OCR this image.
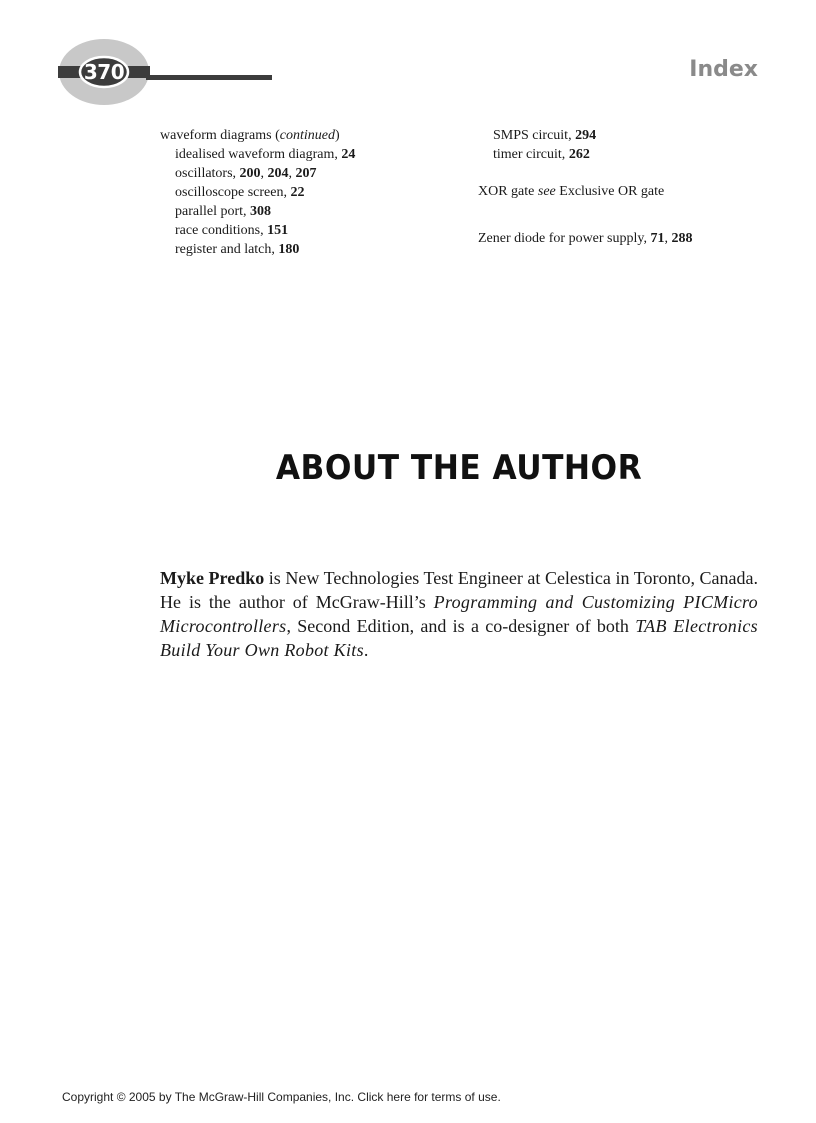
370	Index
waveform diagrams (continued)
idealised waveform diagram, 24
oscillators, 200, 204, 207
oscilloscope screen, 22
parallel port, 308
race conditions, 151
register and latch, 180
SMPS circuit, 294
timer circuit, 262
XOR gate see Exclusive OR gate
Zener diode for power supply, 71, 288
ABOUT THE AUTHOR

Myke Predko is New Technologies Test Engineer at Celestica in Toronto, Canada. He is the author of McGraw-Hill’s Programming and Customizing PICMicro Microcontrollers, Second Edition, and is a co-designer of both TAB Electronics Build Your Own Robot Kits.

Copyright © 2005 by The McGraw-Hill Companies, Inc. Click here for terms of use.
